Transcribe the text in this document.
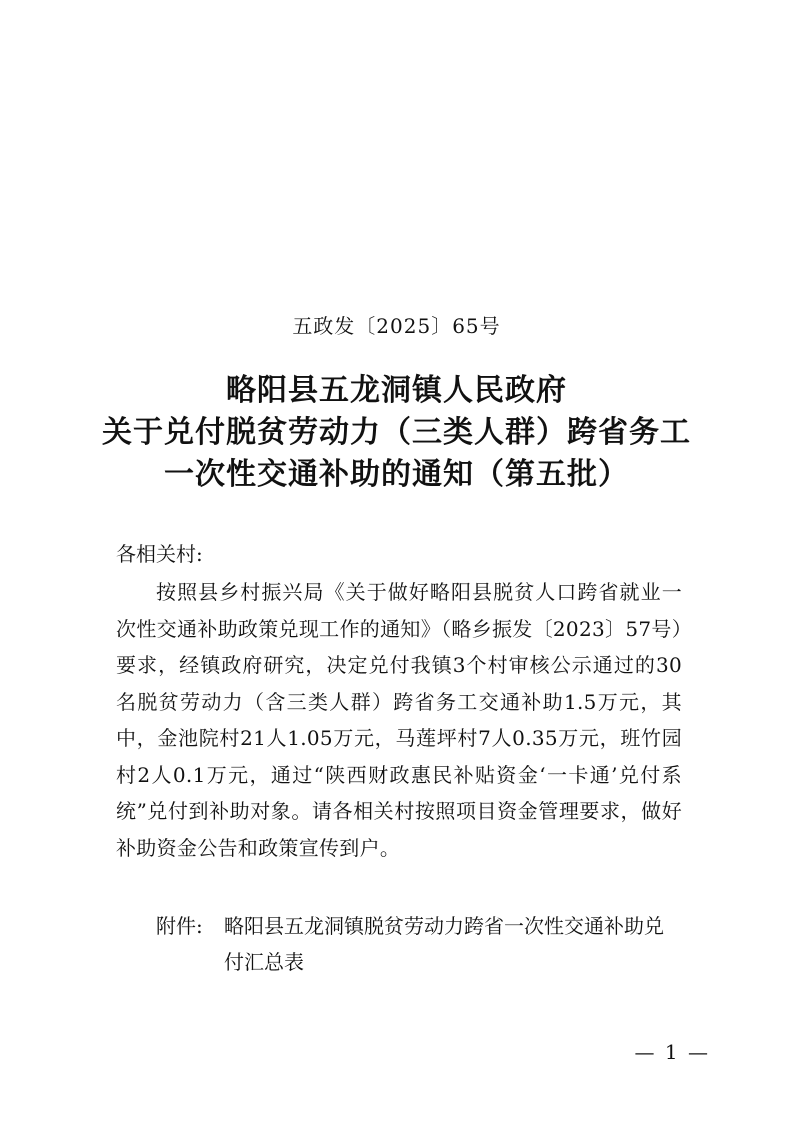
五政发〔2025〕65号
略阳县五龙洞镇人民政府
关于兑付脱贫劳动力（三类人群）跨省务工
一次性交通补助的通知（第五批）
各相关村:
按照县乡村振兴局《关于做好略阳县脱贫人口跨省就业一次性交通补助政策兑现工作的通知》（略乡振发〔2023〕57号）要求，经镇政府研究，决定兑付我镇3个村审核公示通过的30名脱贫劳动力（含三类人群）跨省务工交通补助1.5万元，其中，金池院村21人1.05万元，马莲坪村7人0.35万元，班竹园村2人0.1万元，通过“陕西财政惠民补贴资金‘一卡通’兑付系统”兑付到补助对象。请各相关村按照项目资金管理要求，做好补助资金公告和政策宣传到户。
附件: 略阳县五龙洞镇脱贫劳动力跨省一次性交通补助兑
付汇总表
— 1 —
